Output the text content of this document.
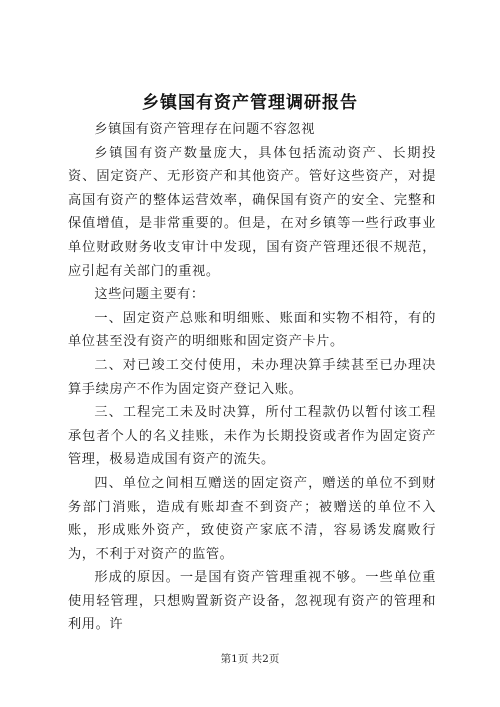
乡镇国有资产管理调研报告

乡镇国有资产管理存在问题不容忽视

乡镇国有资产数量庞大，具体包括流动资产、长期投资、固定资产、无形资产和其他资产。管好这些资产，对提高国有资产的整体运营效率，确保国有资产的安全、完整和保值增值，是非常重要的。但是，在对乡镇等一些行政事业单位财政财务收支审计中发现，国有资产管理还很不规范，应引起有关部门的重视。

这些问题主要有：

一、固定资产总账和明细账、账面和实物不相符，有的单位甚至没有资产的明细账和固定资产卡片。

二、对已竣工交付使用，未办理决算手续甚至已办理决算手续房产不作为固定资产登记入账。

三、工程完工未及时决算，所付工程款仍以暂付该工程承包者个人的名义挂账，未作为长期投资或者作为固定资产管理，极易造成国有资产的流失。

四、单位之间相互赠送的固定资产，赠送的单位不到财务部门消账，造成有账却查不到资产；被赠送的单位不入账，形成账外资产，致使资产家底不清，容易诱发腐败行为，不利于对资产的监管。

形成的原因。一是国有资产管理重视不够。一些单位重使用轻管理，只想购置新资产设备，忽视现有资产的管理和利用。许

第1页 共2页
